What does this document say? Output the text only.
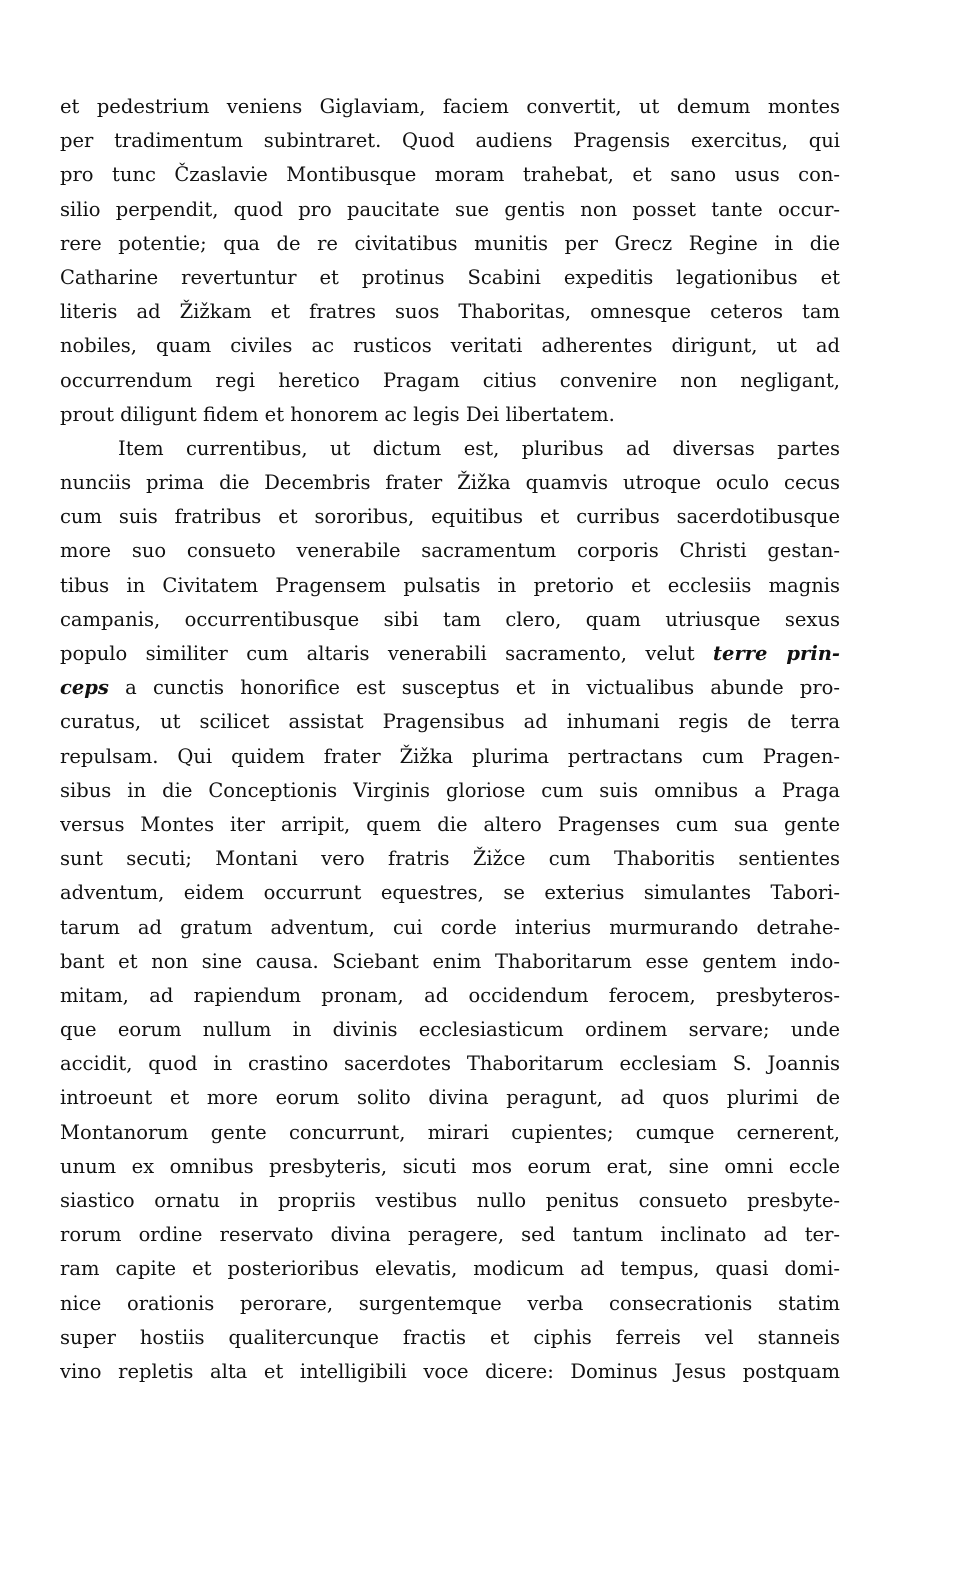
et pedestrium veniens Giglaviam, faciem convertit, ut demum montes
per tradimentum subintraret. Quod audiens Pragensis exercitus, qui
pro tunc Čzaslavie Montibusque moram trahebat, et sano usus con-
silio perpendit, quod pro paucitate sue gentis non posset tante occur-
rere potentie; qua de re civitatibus munitis per Grecz Regine in die
Catharine revertuntur et protinus Scabini expeditis legationibus et
literis ad Žižkam et fratres suos Thaboritas, omnesque ceteros tam
nobiles, quam civiles ac rusticos veritati adherentes dirigunt, ut ad
occurrendum regi heretico Pragam citius convenire non negligant,
prout diligunt fidem et honorem ac legis Dei libertatem.
Item currentibus, ut dictum est, pluribus ad diversas partes
nunciis prima die Decembris frater Žižka quamvis utroque oculo cecus
cum suis fratribus et sororibus, equitibus et curribus sacerdotibusque
more suo consueto venerabile sacramentum corporis Christi gestan-
tibus in Civitatem Pragensem pulsatis in pretorio et ecclesiis magnis
campanis, occurrentibusque sibi tam clero, quam utriusque sexus
populo similiter cum altaris venerabili sacramento, velut terre prin-
ceps a cunctis honorifice est susceptus et in victualibus abunde pro-
curatus, ut scilicet assistat Pragensibus ad inhumani regis de terra
repulsam. Qui quidem frater Žižka plurima pertractans cum Pragen-
sibus in die Conceptionis Virginis gloriose cum suis omnibus a Praga
versus Montes iter arripit, quem die altero Pragenses cum sua gente
sunt secuti; Montani vero fratris Žižce cum Thaboritis sentientes
adventum, eidem occurrunt equestres, se exterius simulantes Tabori-
tarum ad gratum adventum, cui corde interius murmurando detrahe-
bant et non sine causa. Sciebant enim Thaboritarum esse gentem indo-
mitam, ad rapiendum pronam, ad occidendum ferocem, presbyteros-
que eorum nullum in divinis ecclesiasticum ordinem servare; unde
accidit, quod in crastino sacerdotes Thaboritarum ecclesiam S. Joannis
introeunt et more eorum solito divina peragunt, ad quos plurimi de
Montanorum gente concurrunt, mirari cupientes; cumque cernerent,
unum ex omnibus presbyteris, sicuti mos eorum erat, sine omni eccle
siastico ornatu in propriis vestibus nullo penitus consueto presbyte-
rorum ordine reservato divina peragere, sed tantum inclinato ad ter-
ram capite et posterioribus elevatis, modicum ad tempus, quasi domi-
nice orationis perorare, surgentemque verba consecrationis statim
super hostiis qualitercunque fractis et ciphis ferreis vel stanneis
vino repletis alta et intelligibili voce dicere: Dominus Jesus postquam
